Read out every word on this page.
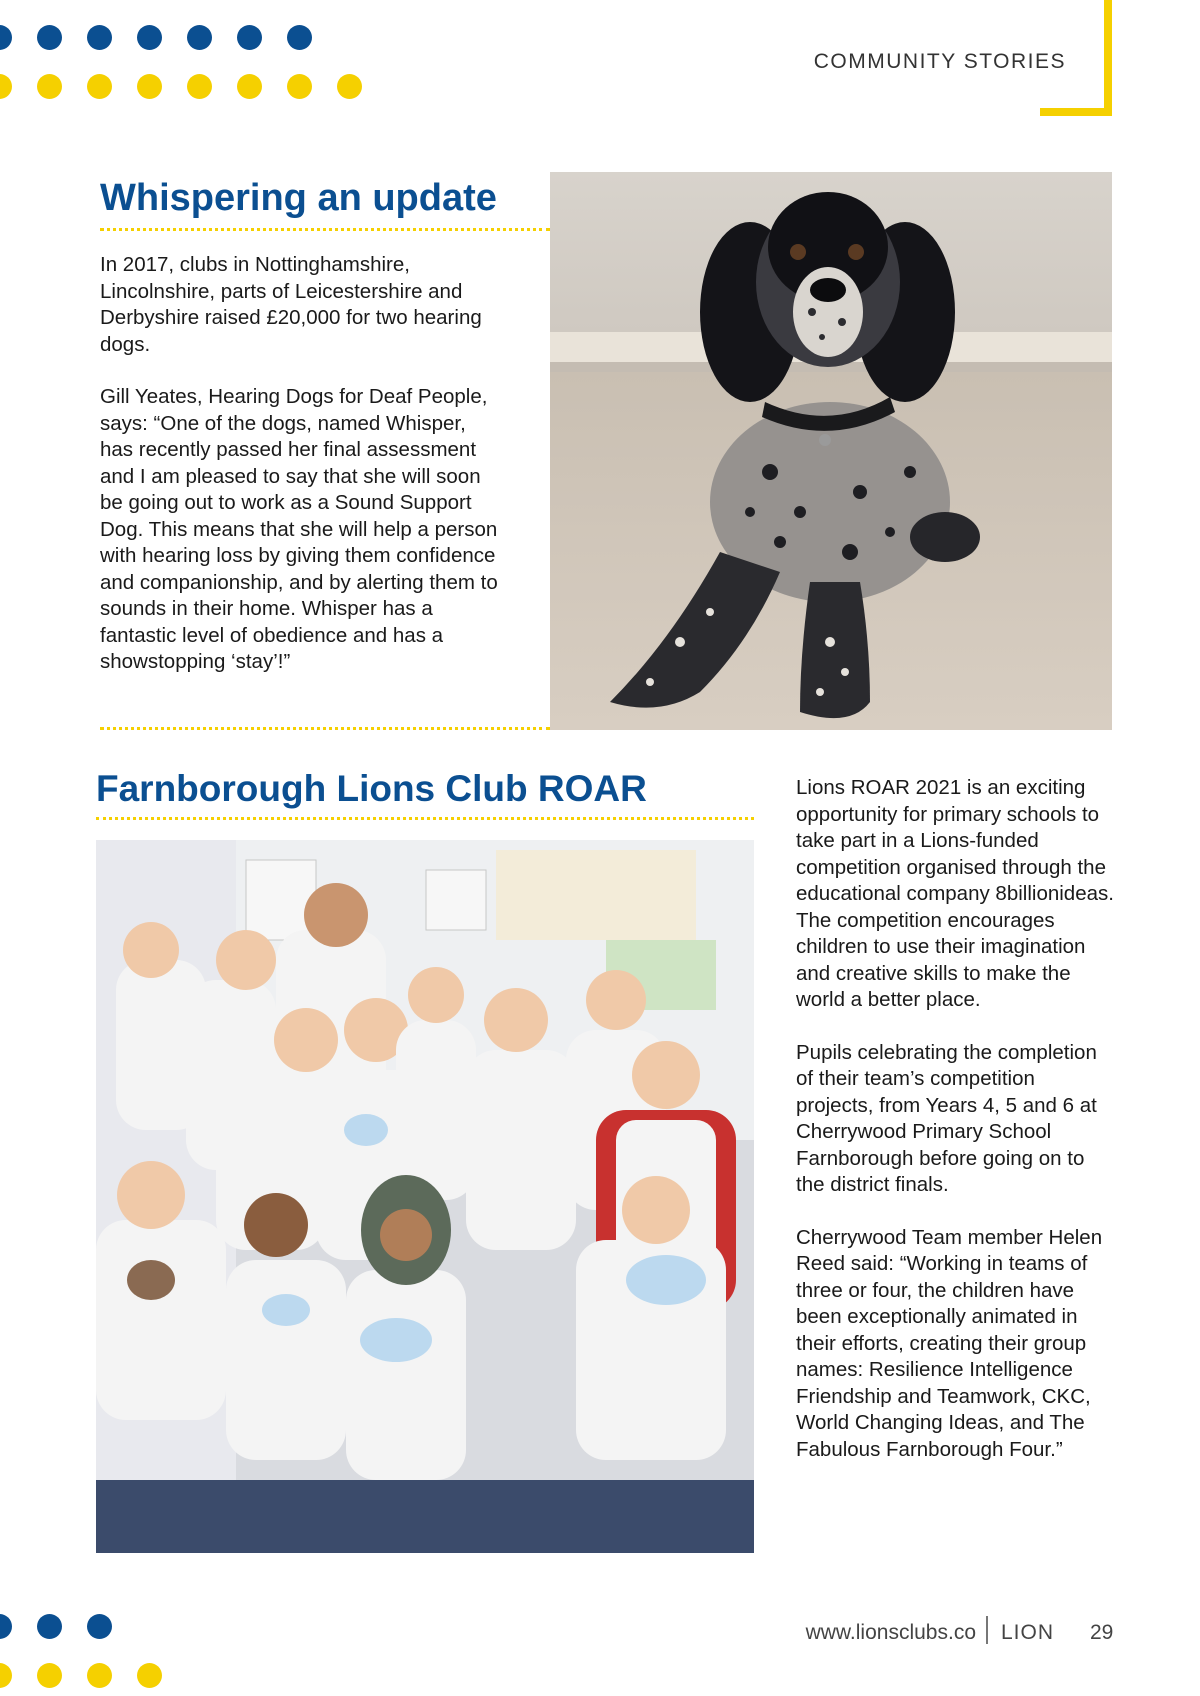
COMMUNITY STORIES
Whispering an update

In 2017, clubs in Nottinghamshire, Lincolnshire, parts of Leicestershire and Derbyshire raised £20,000 for two hearing dogs.

Gill Yeates, Hearing Dogs for Deaf People, says: “One of the dogs, named Whisper, has recently passed her final assessment and I am pleased to say that she will soon be going out to work as a Sound Support Dog. This means that she will help a person with hearing loss by giving them confidence and companionship, and by alerting them to sounds in their home. Whisper has a fantastic level of obedience and has a showstopping ‘stay’!”

Farnborough Lions Club ROAR	Lions ROAR 2021 is an exciting opportunity for primary schools to take part in a Lions-funded competition organised through the educational company 8billionideas. The competition encourages children to use their imagination and creative skills to make the world a better place.

Pupils celebrating the completion of their team’s competition projects, from Years 4, 5 and 6 at Cherrywood Primary School Farnborough before going on to the district finals.

Cherrywood Team member Helen Reed said: “Working in teams of three or four, the children have been exceptionally animated in their efforts, creating their group names: Resilience Intelligence Friendship and Teamwork, CKC, World Changing Ideas, and The Fabulous Farnborough Four.”

www.lionsclubs.co LION 29
